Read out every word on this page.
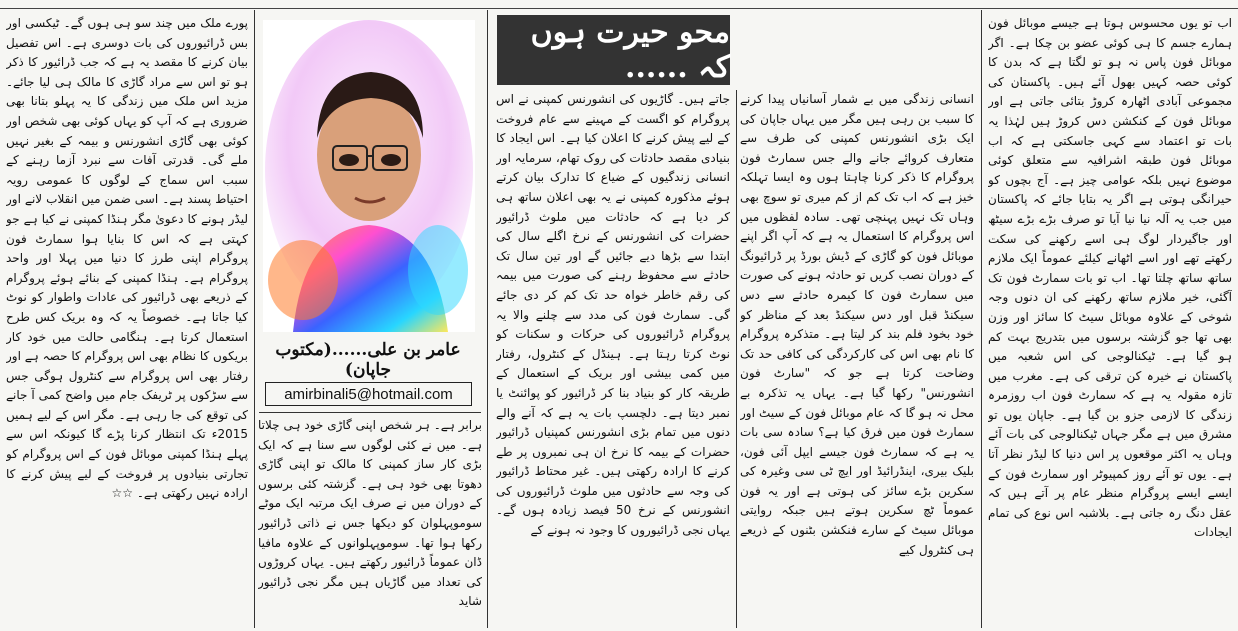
اب تو یوں محسوس ہوتا ہے جیسے موبائل فون ہمارے جسم کا ہی کوئی عضو بن چکا ہے۔ اگر موبائل فون پاس نہ ہو تو لگتا ہے کہ بدن کا کوئی حصہ کہیں بھول آئے ہیں۔ پاکستان کی مجموعی آبادی اٹھارہ کروڑ بتائی جاتی ہے اور موبائل فون کے کنکشن دس کروڑ ہیں لہٰذا یہ بات تو اعتماد سے کہی جاسکتی ہے کہ اب موبائل فون طبقہ اشرافیہ سے متعلق کوئی موضوع نہیں بلکہ عوامی چیز ہے۔ آج بچوں کو حیرانگی ہوتی ہے اگر یہ بتایا جائے کہ پاکستان میں جب یہ آلہ نیا نیا آیا تو صرف بڑے بڑے سیٹھ اور جاگیردار لوگ ہی اسے رکھنے کی سکت رکھتے تھے اور اسے اٹھانے کیلئے عموماً ایک ملازم ساتھ ساتھ چلتا تھا۔ اب تو بات سمارٹ فون تک آگئی، خیر ملازم ساتھ رکھنے کی ان دنوں وجہ شوخی کے علاوہ موبائل سیٹ کا سائز اور وزن بھی تھا جو گزشتہ برسوں میں بتدریج بہت کم ہو گیا ہے۔ ٹیکنالوجی کی اس شعبہ میں پاکستان نے خیرہ کن ترقی کی ہے۔ مغرب میں تازہ مقولہ یہ ہے کہ سمارٹ فون اب روزمرہ زندگی کا لازمی جزو بن گیا ہے۔ جاپان یوں تو مشرق میں ہے مگر جہاں ٹیکنالوجی کی بات آئے وہاں یہ اکثر موقعوں پر اس دنیا کا لیڈر نظر آتا ہے۔ یوں تو آئے روز کمپیوٹر اور سمارٹ فون کے ایسے ایسے پروگرام منظر عام پر آتے ہیں کہ عقل دنگ رہ جاتی ہے۔ بلاشبہ اس نوع کی تمام ایجادات

محو حیرت ہوں کہ ......

انسانی زندگی میں بے شمار آسانیاں پیدا کرنے کا سبب بن رہی ہیں مگر میں یہاں جاپان کی ایک بڑی انشورنس کمپنی کی طرف سے متعارف کروائے جانے والے جس سمارٹ فون پروگرام کا ذکر کرنا چاہتا ہوں وہ ایسا تہلکہ خیز ہے کہ اب تک کم از کم میری تو سوچ بھی وہاں تک نہیں پہنچی تھی۔ سادہ لفظوں میں اس پروگرام کا استعمال یہ ہے کہ آپ اگر اپنے موبائل فون کو گاڑی کے ڈیش بورڈ پر ڈرائیونگ کے دوران نصب کریں تو حادثہ ہونے کی صورت میں سمارٹ فون کا کیمرہ حادثے سے دس سیکنڈ قبل اور دس سیکنڈ بعد کے مناظر کو خود بخود فلم بند کر لیتا ہے۔ متذکرہ پروگرام کا نام بھی اس کی کارکردگی کی کافی حد تک وضاحت کرتا ہے جو کہ "سارٹ فون انشورنس" رکھا گیا ہے۔ یہاں یہ تذکرہ بے محل نہ ہو گا کہ عام موبائل فون کے سیٹ اور سمارٹ فون میں فرق کیا ہے؟ سادہ سی بات یہ ہے کہ سمارٹ فون جیسے ایپل آئی فون، بلیک بیری، اینڈرائیڈ اور ایچ ٹی سی وغیرہ کی سکرین بڑے سائز کی ہوتی ہے اور یہ فون عموماً ٹچ سکرین ہوتے ہیں جبکہ روایتی موبائل سیٹ کے سارے فنکشن بٹنوں کے ذریعے ہی کنٹرول کیے

جاتے ہیں۔ گاڑیوں کی انشورنس کمپنی نے اس پروگرام کو اگست کے مہینے سے عام فروخت کے لیے پیش کرنے کا اعلان کیا ہے۔ اس ایجاد کا بنیادی مقصد حادثات کی روک تھام، سرمایہ اور انسانی زندگیوں کے ضیاع کا تدارک بیان کرتے ہوئے مذکورہ کمپنی نے یہ بھی اعلان ساتھ ہی کر دیا ہے کہ حادثات میں ملوث ڈرائیور حضرات کی انشورنس کے نرخ اگلے سال کی ابتدا سے بڑھا دیے جائیں گے اور تین سال تک حادثے سے محفوظ رہنے کی صورت میں بیمہ کی رقم خاطر خواہ حد تک کم کر دی جائے گی۔ سمارٹ فون کی مدد سے چلنے والا یہ پروگرام ڈرائیوروں کی حرکات و سکنات کو نوٹ کرتا رہتا ہے۔ ہینڈل کے کنٹرول، رفتار میں کمی بیشی اور بریک کے استعمال کے طریقہ کار کو بنیاد بنا کر ڈرائیور کو پوائنٹ یا نمبر دیتا ہے۔ دلچسپ بات یہ ہے کہ آنے والے دنوں میں تمام بڑی انشورنس کمپنیاں ڈرائیور حضرات کے بیمہ کا نرخ ان ہی نمبروں پر طے کرنے کا ارادہ رکھتی ہیں۔ غیر محتاط ڈرائیور کی وجہ سے حادثوں میں ملوث ڈرائیوروں کی انشورنس کے نرخ 50 فیصد زیادہ ہوں گے۔ یہاں نجی ڈرائیوروں کا وجود نہ ہونے کے

عامر بن علی......(مکتوب جاپان)
amirbinali5@hotmail.com

برابر ہے۔ ہر شخص اپنی گاڑی خود ہی چلاتا ہے۔ میں نے کئی لوگوں سے سنا ہے کہ ایک بڑی کار ساز کمپنی کا مالک تو اپنی گاڑی دھوتا بھی خود ہی ہے۔ گزشتہ کئی برسوں کے دوران میں نے صرف ایک مرتبہ ایک موٹے سوموپہلوان کو دیکھا جس نے ذاتی ڈرائیور رکھا ہوا تھا۔ سوموپہلوانوں کے علاوہ مافیا ڈان عموماً ڈرائیور رکھتے ہیں۔ یہاں کروڑوں کی تعداد میں گاڑیاں ہیں مگر نجی ڈرائیور شاید

پورے ملک میں چند سو ہی ہوں گے۔ ٹیکسی اور بس ڈرائیوروں کی بات دوسری ہے۔ اس تفصیل بیان کرنے کا مقصد یہ ہے کہ جب ڈرائیور کا ذکر ہو تو اس سے مراد گاڑی کا مالک ہی لیا جائے۔ مزید اس ملک میں زندگی کا یہ پہلو بتانا بھی ضروری ہے کہ آپ کو یہاں کوئی بھی شخص اور کوئی بھی گاڑی انشورنس و بیمہ کے بغیر نہیں ملے گی۔ قدرتی آفات سے نبرد آزما رہنے کے سبب اس سماج کے لوگوں کا عمومی رویہ احتیاط پسند ہے۔ اسی ضمن میں انقلاب لانے اور لیڈر ہونے کا دعویٰ مگر ہنڈا کمپنی نے کیا ہے جو کہتی ہے کہ اس کا بنایا ہوا سمارٹ فون پروگرام اپنی طرز کا دنیا میں پہلا اور واحد پروگرام ہے۔ ہنڈا کمپنی کے بنائے ہوئے پروگرام کے ذریعے بھی ڈرائیور کی عادات واطوار کو نوٹ کیا جاتا ہے۔ خصوصاً یہ کہ وہ بریک کس طرح استعمال کرتا ہے۔ ہنگامی حالت میں خود کار بریکوں کا نظام بھی اس پروگرام کا حصہ ہے اور رفتار بھی اس پروگرام سے کنٹرول ہوگی جس سے سڑکوں پر ٹریفک جام میں واضح کمی آ جانے کی توقع کی جا رہی ہے۔ مگر اس کے لیے ہمیں 2015ء تک انتظار کرنا پڑے گا کیونکہ اس سے پہلے ہنڈا کمپنی موبائل فون کے اس پروگرام کو تجارتی بنیادوں پر فروخت کے لیے پیش کرنے کا ارادہ نہیں رکھتی ہے۔ ☆☆
